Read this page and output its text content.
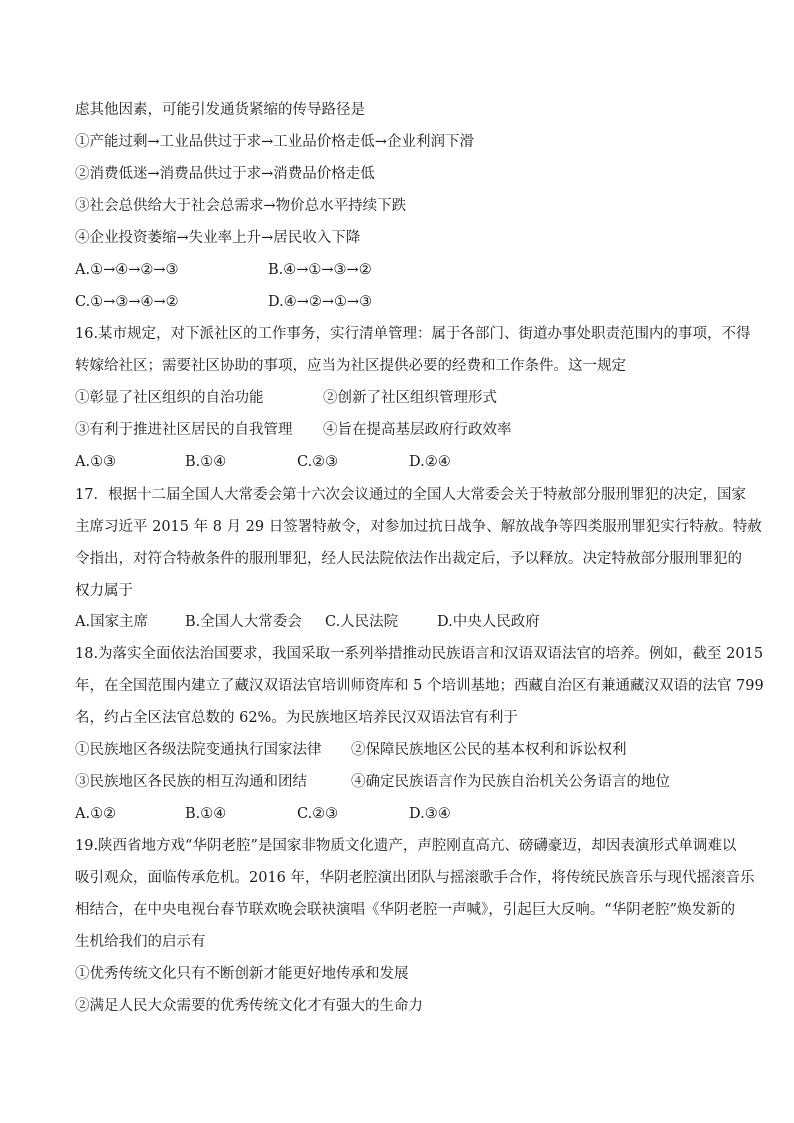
虑其他因素，可能引发通货紧缩的传导路径是
①产能过剩→工业品供过于求→工业品价格走低→企业利润下滑
②消费低迷→消费品供过于求→消费品价格走低
③社会总供给大于社会总需求→物价总水平持续下跌
④企业投资萎缩→失业率上升→居民收入下降
A.①→④→②→③	B.④→①→③→②
C.①→③→④→②	D.④→②→①→③
16.某市规定，对下派社区的工作事务，实行清单管理：属于各部门、街道办事处职责范围内的事项，不得
转嫁给社区；需要社区协助的事项，应当为社区提供必要的经费和工作条件。这一规定
①彰显了社区组织的自治功能	②创新了社区组织管理形式
③有利于推进社区居民的自我管理 ④旨在提高基层政府行政效率
A.①③	B.①④	C.②③	D.②④
17．根据十二届全国人大常委会第十六次会议通过的全国人大常委会关于特赦部分服刑罪犯的决定，国家
主席习近平 2015 年 8 月 29 日签署特赦令，对参加过抗日战争、解放战争等四类服刑罪犯实行特赦。特赦
令指出，对符合特赦条件的服刑罪犯，经人民法院依法作出裁定后，予以释放。决定特赦部分服刑罪犯的
权力属于
A.国家主席	B.全国人大常委会 C.人民法院	D.中央人民政府
18.为落实全面依法治国要求，我国采取一系列举措推动民族语言和汉语双语法官的培养。例如，截至 2015
年，在全国范围内建立了藏汉双语法官培训师资库和 5 个培训基地；西藏自治区有兼通藏汉双语的法官 799
名，约占全区法官总数的 62%。为民族地区培养民汉双语法官有利于
①民族地区各级法院变通执行国家法律 ②保障民族地区公民的基本权利和诉讼权利
③民族地区各民族的相互沟通和团结	④确定民族语言作为民族自治机关公务语言的地位
A.①②	B.①④	C.②③	D.③④
19.陕西省地方戏“华阴老腔”是国家非物质文化遗产，声腔刚直高亢、磅礴豪迈，却因表演形式单调难以
吸引观众，面临传承危机。2016 年，华阴老腔演出团队与摇滚歌手合作，将传统民族音乐与现代摇滚音乐
相结合，在中央电视台春节联欢晚会联袂演唱《华阴老腔一声喊》，引起巨大反响。“华阴老腔”焕发新的
生机给我们的启示有
①优秀传统文化只有不断创新才能更好地传承和发展
②满足人民大众需要的优秀传统文化才有强大的生命力
